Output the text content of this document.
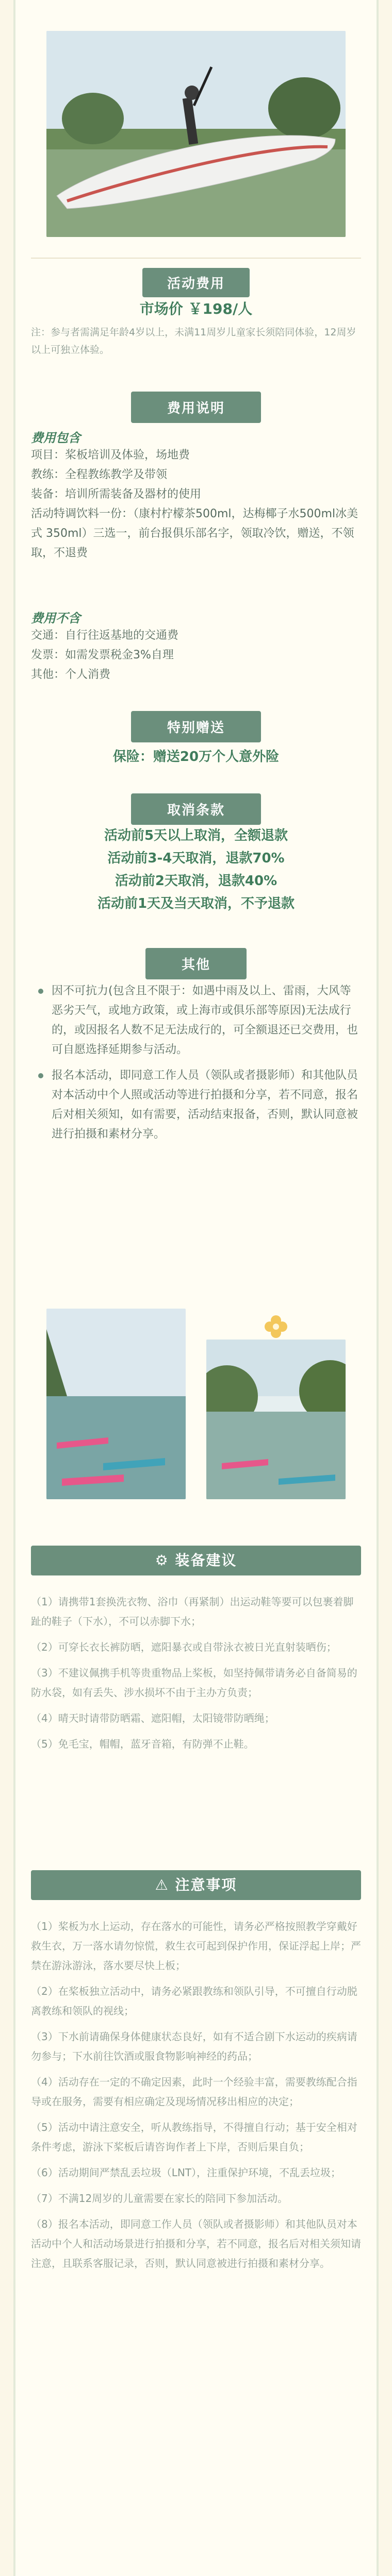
活动费用
市场价 ￥198/人
注：参与者需满足年龄4岁以上，未满11周岁儿童家长须陪同体验，12周岁以上可独立体验。
费用说明
费用包含
项目：桨板培训及体验，场地费
教练：全程教练教学及带领
装备：培训所需装备及器材的使用
活动特调饮料一份：（康村柠檬茶500ml，达梅椰子水500ml冰美式 350ml）三选一，前台报俱乐部名字，领取冷饮，赠送，不领取，不退费
费用不含
交通：自行往返基地的交通费
发票：如需发票税金3%自理
其他：个人消费
特别赠送
保险：赠送20万个人意外险
取消条款
活动前5天以上取消，全额退款
活动前3-4天取消，退款70%
活动前2天取消，退款40%
活动前1天及当天取消，不予退款
其他
因不可抗力(包含且不限于：如遇中雨及以上、雷雨，大风等恶劣天气，或地方政策，或上海市或俱乐部等原因)无法成行的，或因报名人数不足无法成行的，可全额退还已交费用，也可自愿选择延期参与活动。
报名本活动，即同意工作人员（领队或者摄影师）和其他队员对本活动中个人照或活动等进行拍摄和分享，若不同意，报名后对相关须知，如有需要，活动结束报备，否则，默认同意被进行拍摄和素材分享。
⚙ 装备建议
（1）请携带1套换洗衣物、浴巾（再紧制）出运动鞋等要可以包裹着脚趾的鞋子（下水），不可以赤脚下水；
（2）可穿长衣长裤防晒，遮阳暴衣或自带泳衣被日光直射装晒伤；
（3）不建议佩携手机等贵重物品上桨板，如坚持佩带请务必自备简易的防水袋，如有丢失、涉水损坏不由于主办方负责；
（4）晴天时请带防晒霜、遮阳帽，太阳镜带防晒绳；
（5）免毛宝，帽帽，蓝牙音箱，有防弹不止鞋。
⚠ 注意事项
（1）桨板为水上运动，存在落水的可能性，请务必严格按照教学穿戴好救生衣，万一落水请勿惊慌，救生衣可起到保护作用，保证浮起上岸；严禁在游泳游泳，落水要尽快上板；
（2）在桨板独立活动中，请务必紧跟教练和领队引导，不可擅自行动脱离教练和领队的视线；
（3）下水前请确保身体健康状态良好，如有不适合剧下水运动的疾病请勿参与；下水前往饮酒或服食物影响神经的药品；
（4）活动存在一定的不确定因素，此时一个经验丰富，需要教练配合指导或在服务，需要有相应确定及现场情况移出相应的决定；
（5）活动中请注意安全，听从教练指导，不得擅自行动；基于安全相对条件考虑，游泳下桨板后请咨询作者上下岸，否则后果自负；
（6）活动期间严禁乱丢垃圾（LNT），注重保护环境，不乱丢垃圾；
（7）不满12周岁的儿童需要在家长的陪同下参加活动。
（8）报名本活动，即同意工作人员（领队或者摄影师）和其他队员对本活动中个人和活动场景进行拍摄和分享，若不同意，报名后对相关须知请注意，且联系客服记录，否则，默认同意被进行拍摄和素材分享。
